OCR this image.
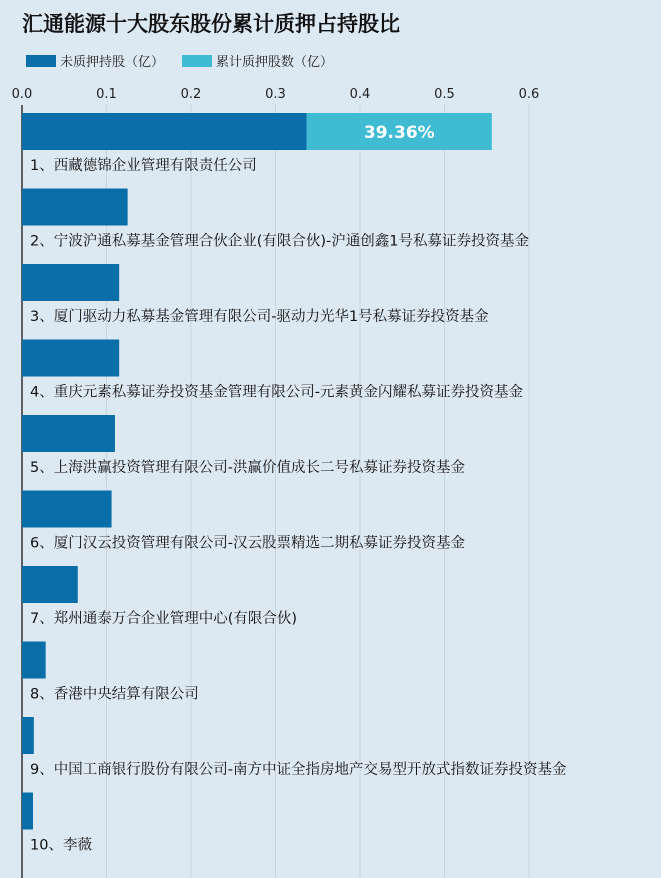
汇通能源十大股东股份累计质押占持股比
未质押持股（亿）	累计质押股数（亿）
0.0	0.1	0.2	0.3	0.4	0.5	0.6
39.36%
1、西藏德锦企业管理有限责任公司
2、宁波沪通私募基金管理合伙企业(有限合伙)-沪通创鑫1号私募证券投资基金
3、厦门驱动力私募基金管理有限公司-驱动力光华1号私募证券投资基金
4、重庆元素私募证券投资基金管理有限公司-元素黄金闪耀私募证券投资基金
5、上海洪赢投资管理有限公司-洪赢价值成长二号私募证券投资基金
6、厦门汉云投资管理有限公司-汉云股票精选二期私募证券投资基金
7、郑州通泰万合企业管理中心(有限合伙)
8、香港中央结算有限公司
9、中国工商银行股份有限公司-南方中证全指房地产交易型开放式指数证券投资基金
10、李薇
